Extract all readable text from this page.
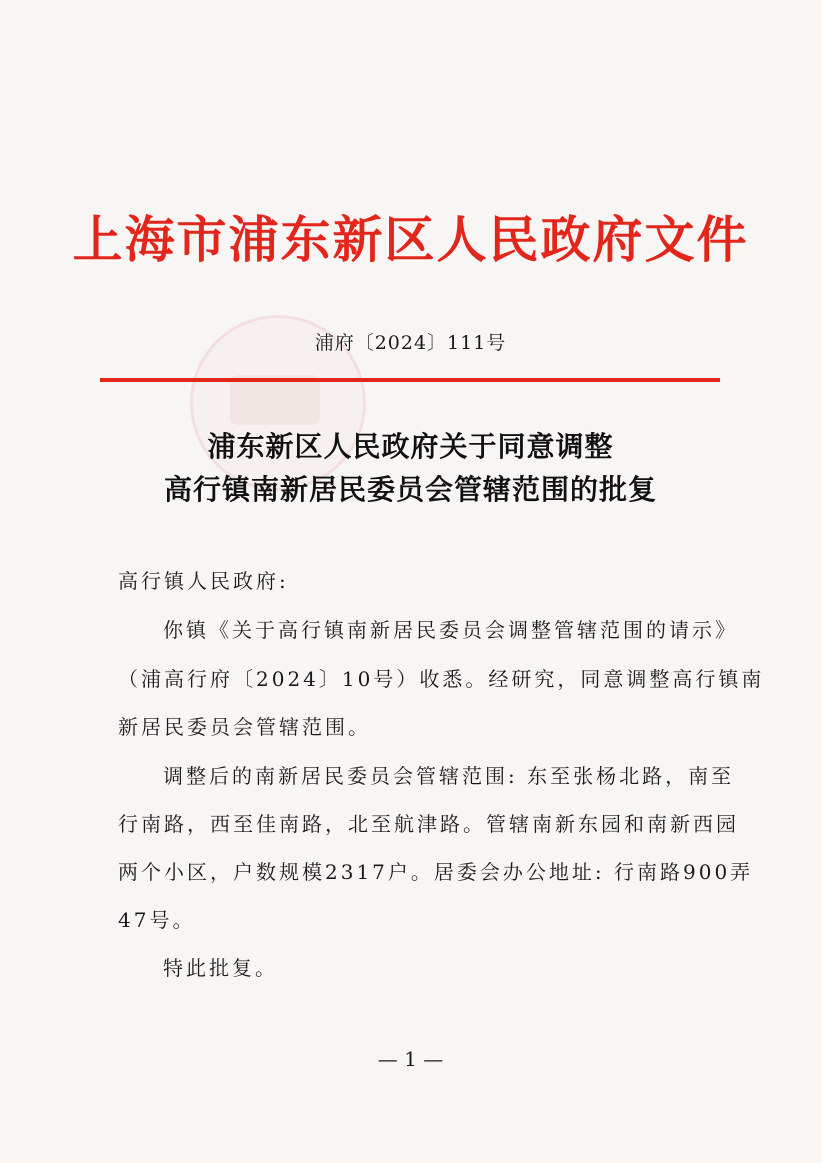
上海市浦东新区人民政府文件
浦府〔2024〕111号
浦东新区人民政府关于同意调整
高行镇南新居民委员会管辖范围的批复
高行镇人民政府:
你镇《关于高行镇南新居民委员会调整管辖范围的请示》
（浦高行府〔2024〕10号）收悉。经研究，同意调整高行镇南
新居民委员会管辖范围。
调整后的南新居民委员会管辖范围: 东至张杨北路，南至
行南路，西至佳南路，北至航津路。管辖南新东园和南新西园
两个小区，户数规模2317户。居委会办公地址: 行南路900弄
47号。
特此批复。
— 1 —
